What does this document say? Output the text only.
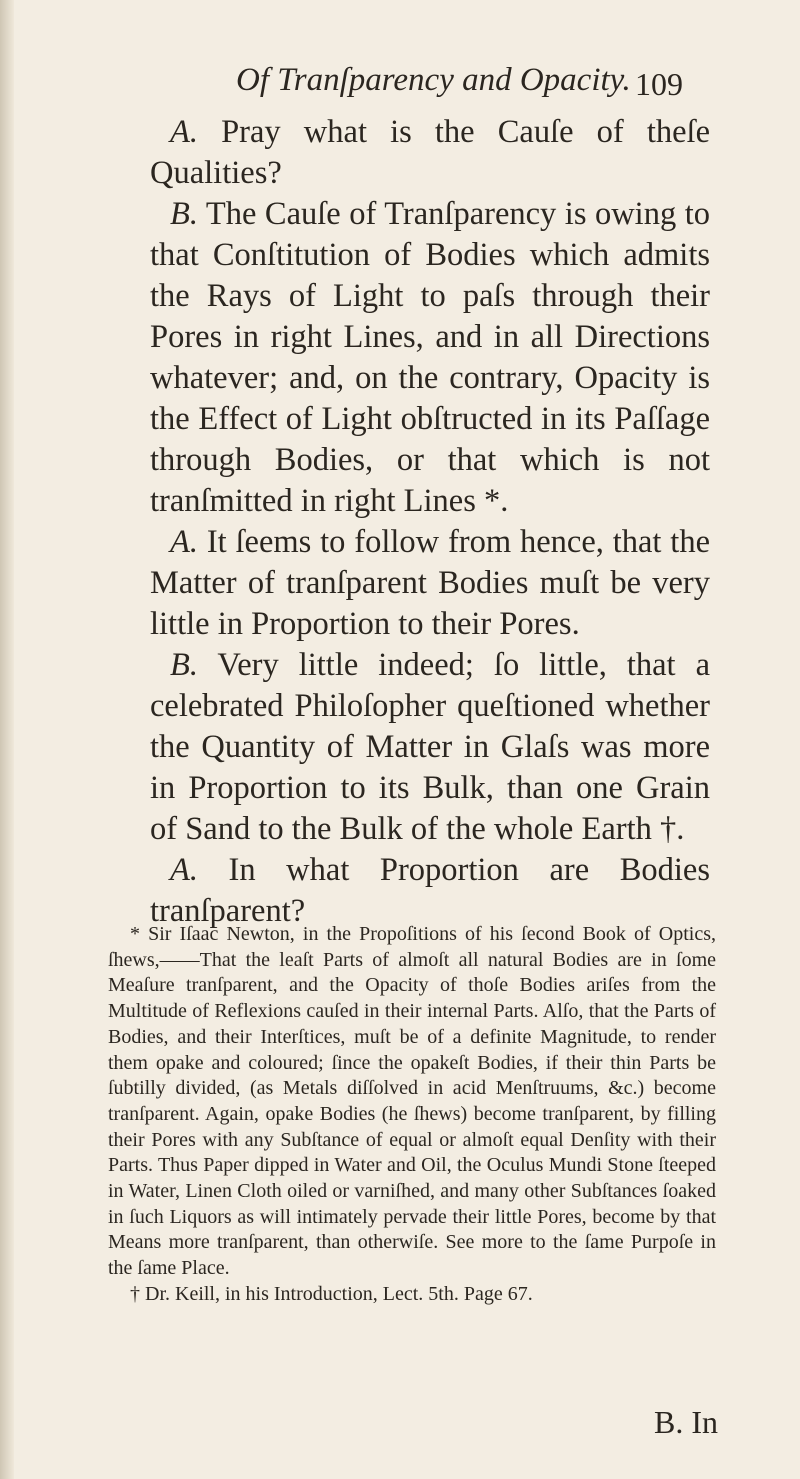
Of Tranſparency and Opacity. 109

A. Pray what is the Cauſe of theſe Qualities?

B. The Cauſe of Tranſparency is owing to that Conſtitution of Bodies which admits the Rays of Light to paſs through their Pores in right Lines, and in all Directions whatever; and, on the contrary, Opacity is the Effect of Light obſtructed in its Paſſage through Bodies, or that which is not tranſmitted in right Lines *.

A. It ſeems to follow from hence, that the Matter of tranſparent Bodies muſt be very little in Proportion to their Pores.

B. Very little indeed; ſo little, that a celebrated Philoſopher queſtioned whether the Quantity of Matter in Glaſs was more in Proportion to its Bulk, than one Grain of Sand to the Bulk of the whole Earth †.

A. In what Proportion are Bodies tranſparent?

* Sir Iſaac Newton, in the Propoſitions of his ſecond Book of Optics, ſhews,——That the leaſt Parts of almoſt all natural Bodies are in ſome Meaſure tranſparent, and the Opacity of thoſe Bodies ariſes from the Multitude of Reflexions cauſed in their internal Parts. Alſo, that the Parts of Bodies, and their Interſtices, muſt be of a definite Magnitude, to render them opake and coloured; ſince the opakeſt Bodies, if their thin Parts be ſubtilly divided, (as Metals diſſolved in acid Menſtruums, &c.) become tranſparent. Again, opake Bodies (he ſhews) become tranſparent, by filling their Pores with any Subſtance of equal or almoſt equal Denſity with their Parts. Thus Paper dipped in Water and Oil, the Oculus Mundi Stone ſteeped in Water, Linen Cloth oiled or varniſhed, and many other Subſtances ſoaked in ſuch Liquors as will intimately pervade their little Pores, become by that Means more tranſparent, than otherwiſe. See more to the ſame Purpoſe in the ſame Place.

† Dr. Keill, in his Introduction, Lect. 5th. Page 67.

B. In
